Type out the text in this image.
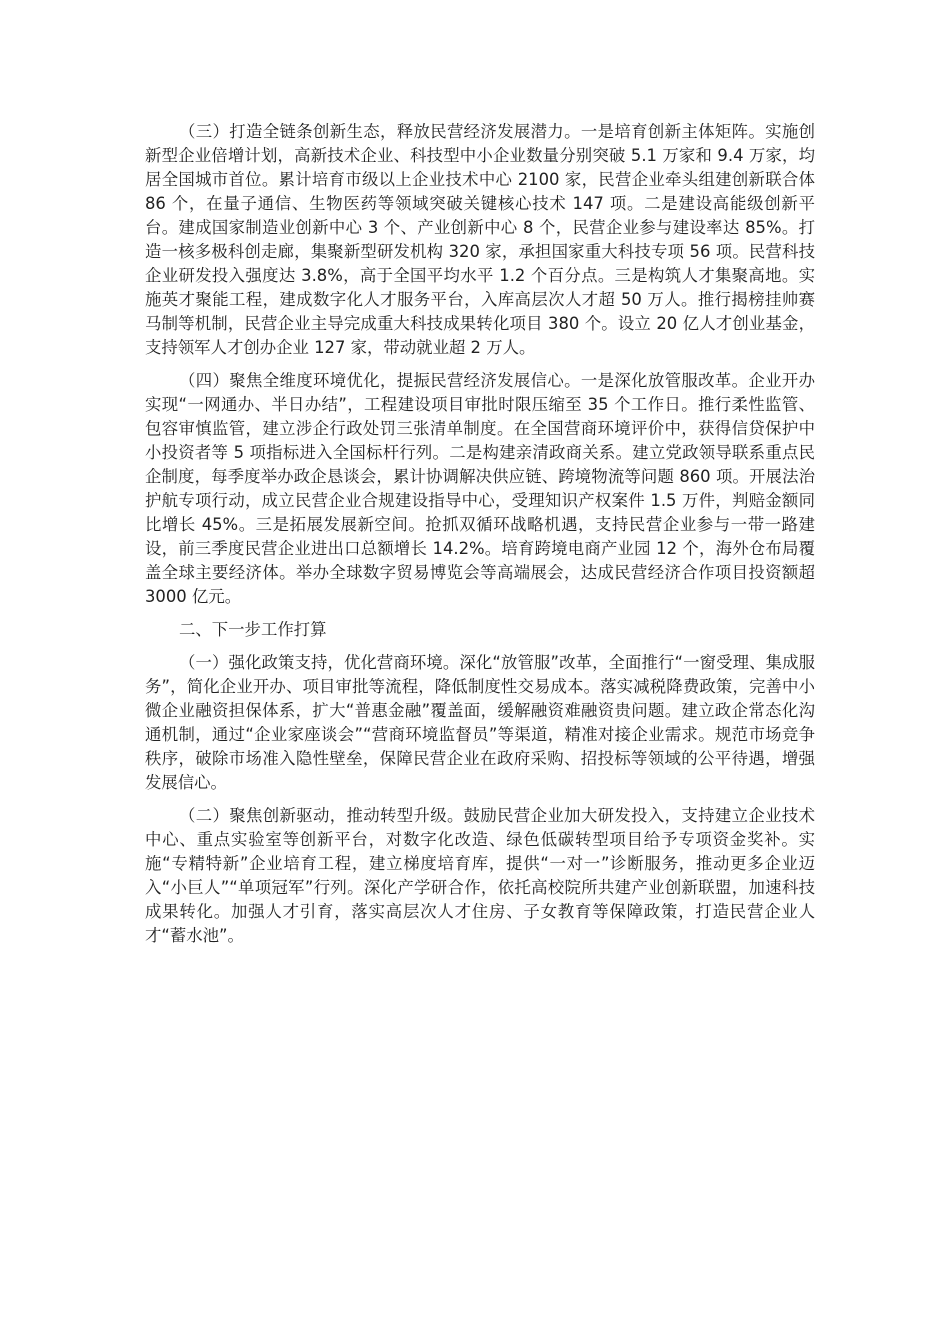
（三）打造全链条创新生态，释放民营经济发展潜力。一是培育创新主体矩阵。实施创新型企业倍增计划，高新技术企业、科技型中小企业数量分别突破 5.1 万家和 9.4 万家，均居全国城市首位。累计培育市级以上企业技术中心 2100 家，民营企业牵头组建创新联合体 86 个，在量子通信、生物医药等领域突破关键核心技术 147 项。二是建设高能级创新平台。建成国家制造业创新中心 3 个、产业创新中心 8 个，民营企业参与建设率达 85%。打造一核多极科创走廊，集聚新型研发机构 320 家，承担国家重大科技专项 56 项。民营科技企业研发投入强度达 3.8%，高于全国平均水平 1.2 个百分点。三是构筑人才集聚高地。实施英才聚能工程，建成数字化人才服务平台，入库高层次人才超 50 万人。推行揭榜挂帅赛马制等机制，民营企业主导完成重大科技成果转化项目 380 个。设立 20 亿人才创业基金，支持领军人才创办企业 127 家，带动就业超 2 万人。

（四）聚焦全维度环境优化，提振民营经济发展信心。一是深化放管服改革。企业开办实现“一网通办、半日办结”，工程建设项目审批时限压缩至 35 个工作日。推行柔性监管、包容审慎监管，建立涉企行政处罚三张清单制度。在全国营商环境评价中，获得信贷保护中小投资者等 5 项指标进入全国标杆行列。二是构建亲清政商关系。建立党政领导联系重点民企制度，每季度举办政企恳谈会，累计协调解决供应链、跨境物流等问题 860 项。开展法治护航专项行动，成立民营企业合规建设指导中心，受理知识产权案件 1.5 万件，判赔金额同比增长 45%。三是拓展发展新空间。抢抓双循环战略机遇，支持民营企业参与一带一路建设，前三季度民营企业进出口总额增长 14.2%。培育跨境电商产业园 12 个，海外仓布局覆盖全球主要经济体。举办全球数字贸易博览会等高端展会，达成民营经济合作项目投资额超 3000 亿元。

二、下一步工作打算

（一）强化政策支持，优化营商环境。深化“放管服”改革，全面推行“一窗受理、集成服务”，简化企业开办、项目审批等流程，降低制度性交易成本。落实减税降费政策，完善中小微企业融资担保体系，扩大“普惠金融”覆盖面，缓解融资难融资贵问题。建立政企常态化沟通机制，通过“企业家座谈会”“营商环境监督员”等渠道，精准对接企业需求。规范市场竞争秩序，破除市场准入隐性壁垒，保障民营企业在政府采购、招投标等领域的公平待遇，增强发展信心。

（二）聚焦创新驱动，推动转型升级。鼓励民营企业加大研发投入，支持建立企业技术中心、重点实验室等创新平台，对数字化改造、绿色低碳转型项目给予专项资金奖补。实施“专精特新”企业培育工程，建立梯度培育库，提供“一对一”诊断服务，推动更多企业迈入“小巨人”“单项冠军”行列。深化产学研合作，依托高校院所共建产业创新联盟，加速科技成果转化。加强人才引育，落实高层次人才住房、子女教育等保障政策，打造民营企业人才“蓄水池”。
